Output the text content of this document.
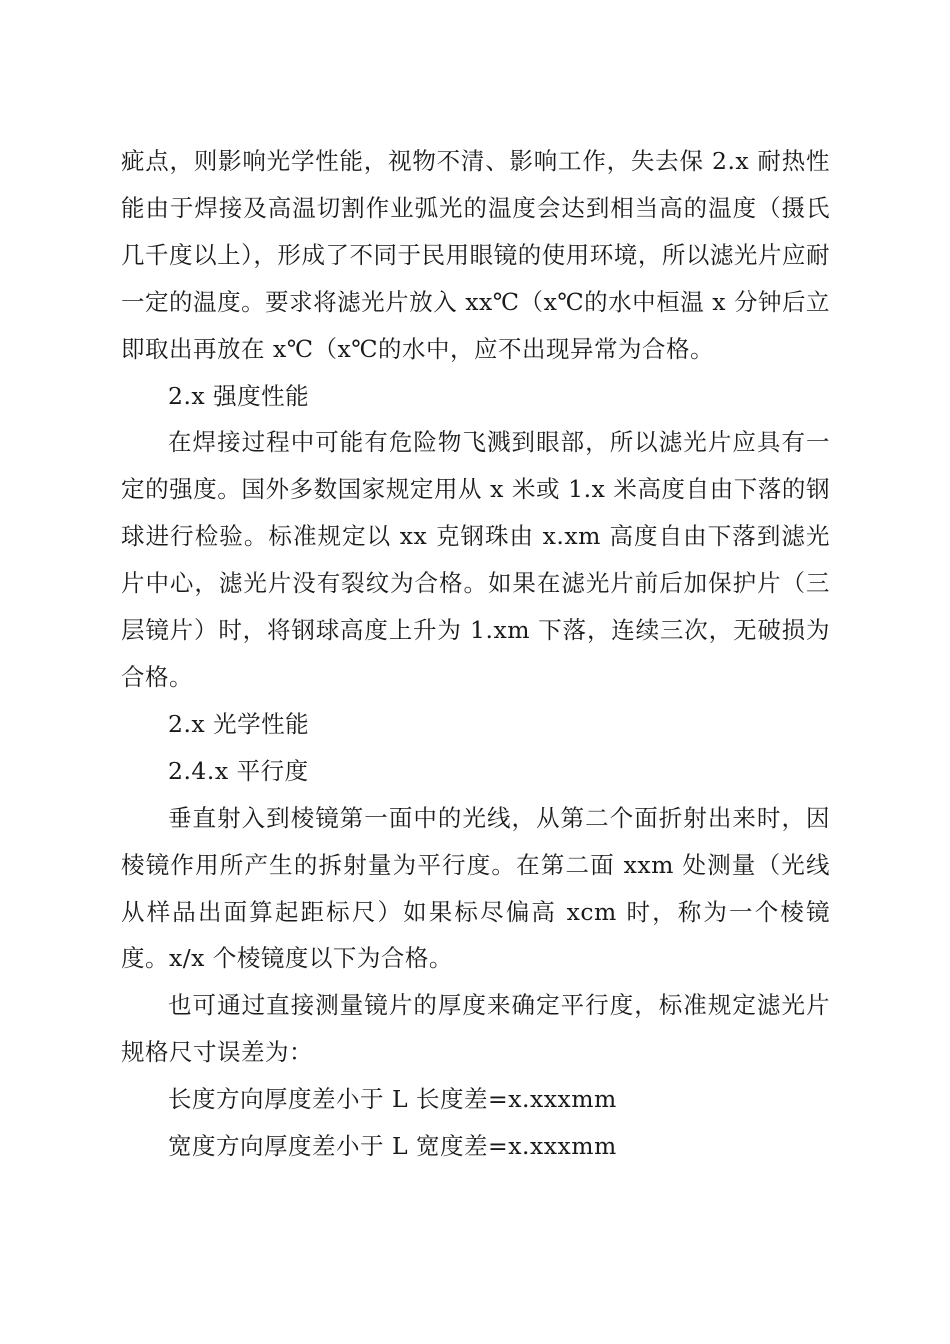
疵点，则影响光学性能，视物不清、影响工作，失去保 2.x 耐热性能由于焊接及高温切割作业弧光的温度会达到相当高的温度（摄氏几千度以上），形成了不同于民用眼镜的使用环境，所以滤光片应耐一定的温度。要求将滤光片放入 xx℃（x℃的水中桓温 x 分钟后立即取出再放在 x℃（x℃的水中，应不出现异常为合格。

2.x 强度性能

在焊接过程中可能有危险物飞溅到眼部，所以滤光片应具有一定的强度。国外多数国家规定用从 x 米或 1.x 米高度自由下落的钢球进行检验。标准规定以 xx 克钢珠由 x.xm 高度自由下落到滤光片中心，滤光片没有裂纹为合格。如果在滤光片前后加保护片（三层镜片）时，将钢球高度上升为 1.xm 下落，连续三次，无破损为合格。

2.x 光学性能

2.4.x 平行度

垂直射入到棱镜第一面中的光线，从第二个面折射出来时，因棱镜作用所产生的拆射量为平行度。在第二面 xxm 处测量（光线从样品出面算起距标尺）如果标尽偏高 xcm 时，称为一个棱镜度。x/x 个棱镜度以下为合格。

也可通过直接测量镜片的厚度来确定平行度，标准规定滤光片规格尺寸误差为：

长度方向厚度差小于 L 长度差=x.xxxmm

宽度方向厚度差小于 L 宽度差=x.xxxmm
